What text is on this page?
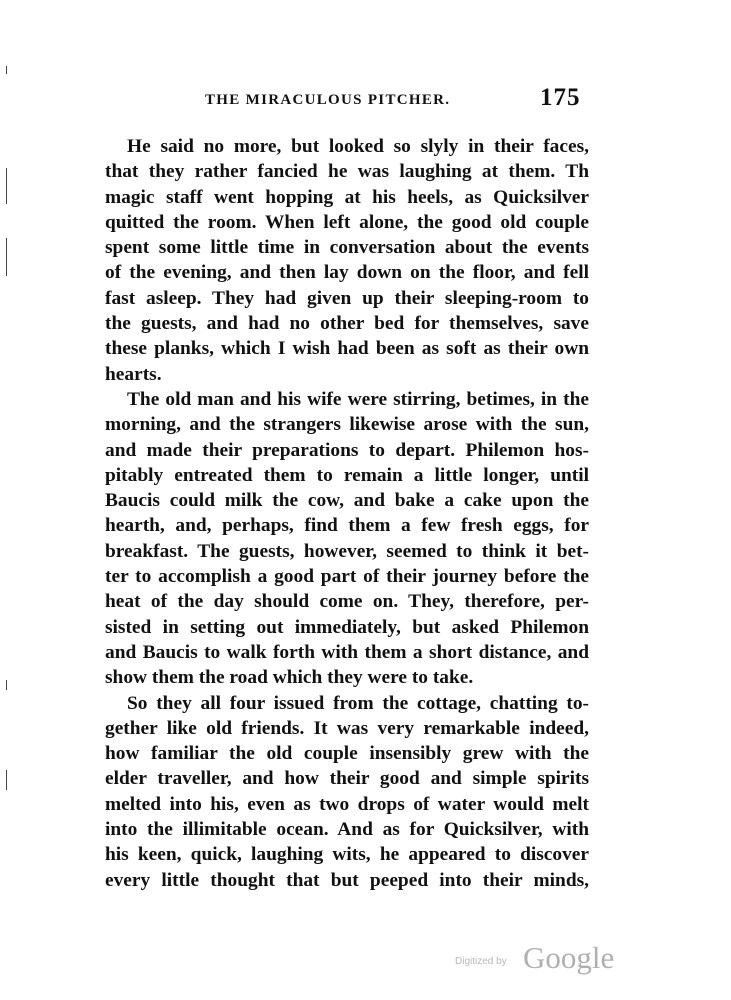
THE MIRACULOUS PITCHER.	175
He said no more, but looked so slyly in their faces,
that they rather fancied he was laughing at them. Th
magic staff went hopping at his heels, as Quicksilver
quitted the room. When left alone, the good old couple
spent some little time in conversation about the events
of the evening, and then lay down on the floor, and fell
fast asleep. They had given up their sleeping-room to
the guests, and had no other bed for themselves, save
these planks, which I wish had been as soft as their own
hearts.
The old man and his wife were stirring, betimes, in the
morning, and the strangers likewise arose with the sun,
and made their preparations to depart. Philemon hos-
pitably entreated them to remain a little longer, until
Baucis could milk the cow, and bake a cake upon the
hearth, and, perhaps, find them a few fresh eggs, for
breakfast. The guests, however, seemed to think it bet-
ter to accomplish a good part of their journey before the
heat of the day should come on. They, therefore, per-
sisted in setting out immediately, but asked Philemon
and Baucis to walk forth with them a short distance, and
show them the road which they were to take.
So they all four issued from the cottage, chatting to-
gether like old friends. It was very remarkable indeed,
how familiar the old couple insensibly grew with the
elder traveller, and how their good and simple spirits
melted into his, even as two drops of water would melt
into the illimitable ocean. And as for Quicksilver, with
his keen, quick, laughing wits, he appeared to discover
every little thought that but peeped into their minds,
Digitized by Google
